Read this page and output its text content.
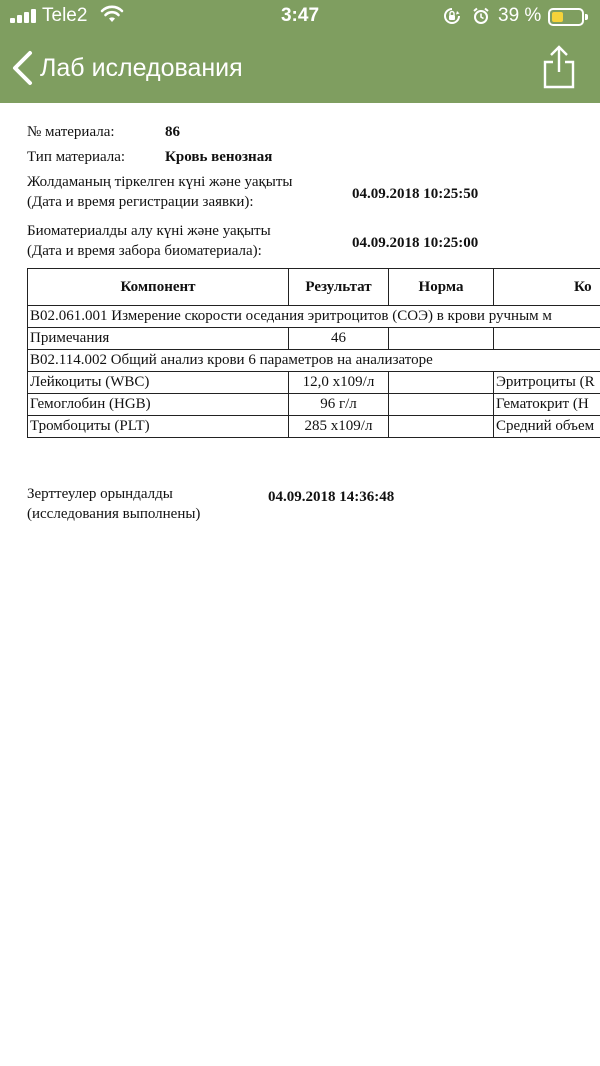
Tele2	3:47	39 %
Лаб иследования
№ материала:	86
Тип материала:	Кровь венозная
Жолдаманың тіркелген күні және уақыты
(Дата и время регистрации заявки):	04.09.2018 10:25:50
Биоматериалды алу күні және уақыты
(Дата и время забора биоматериала):	04.09.2018 10:25:00
Компонент	Результат	Норма	Ко
B02.061.001 Измерение скорости оседания эритроцитов (СОЭ) в крови ручным м			
Примечания	46		
B02.114.002 Общий анализ крови 6 параметров на анализаторе			
Лейкоциты (WBC)	12,0 х109/л		Эритроциты (R
Гемоглобин (HGB)	96 г/л		Гематокрит (H
Тромбоциты (PLT)	285 х109/л		Средний объем
Зерттеулер орындалды
(исследования выполнены)
04.09.2018 14:36:48
